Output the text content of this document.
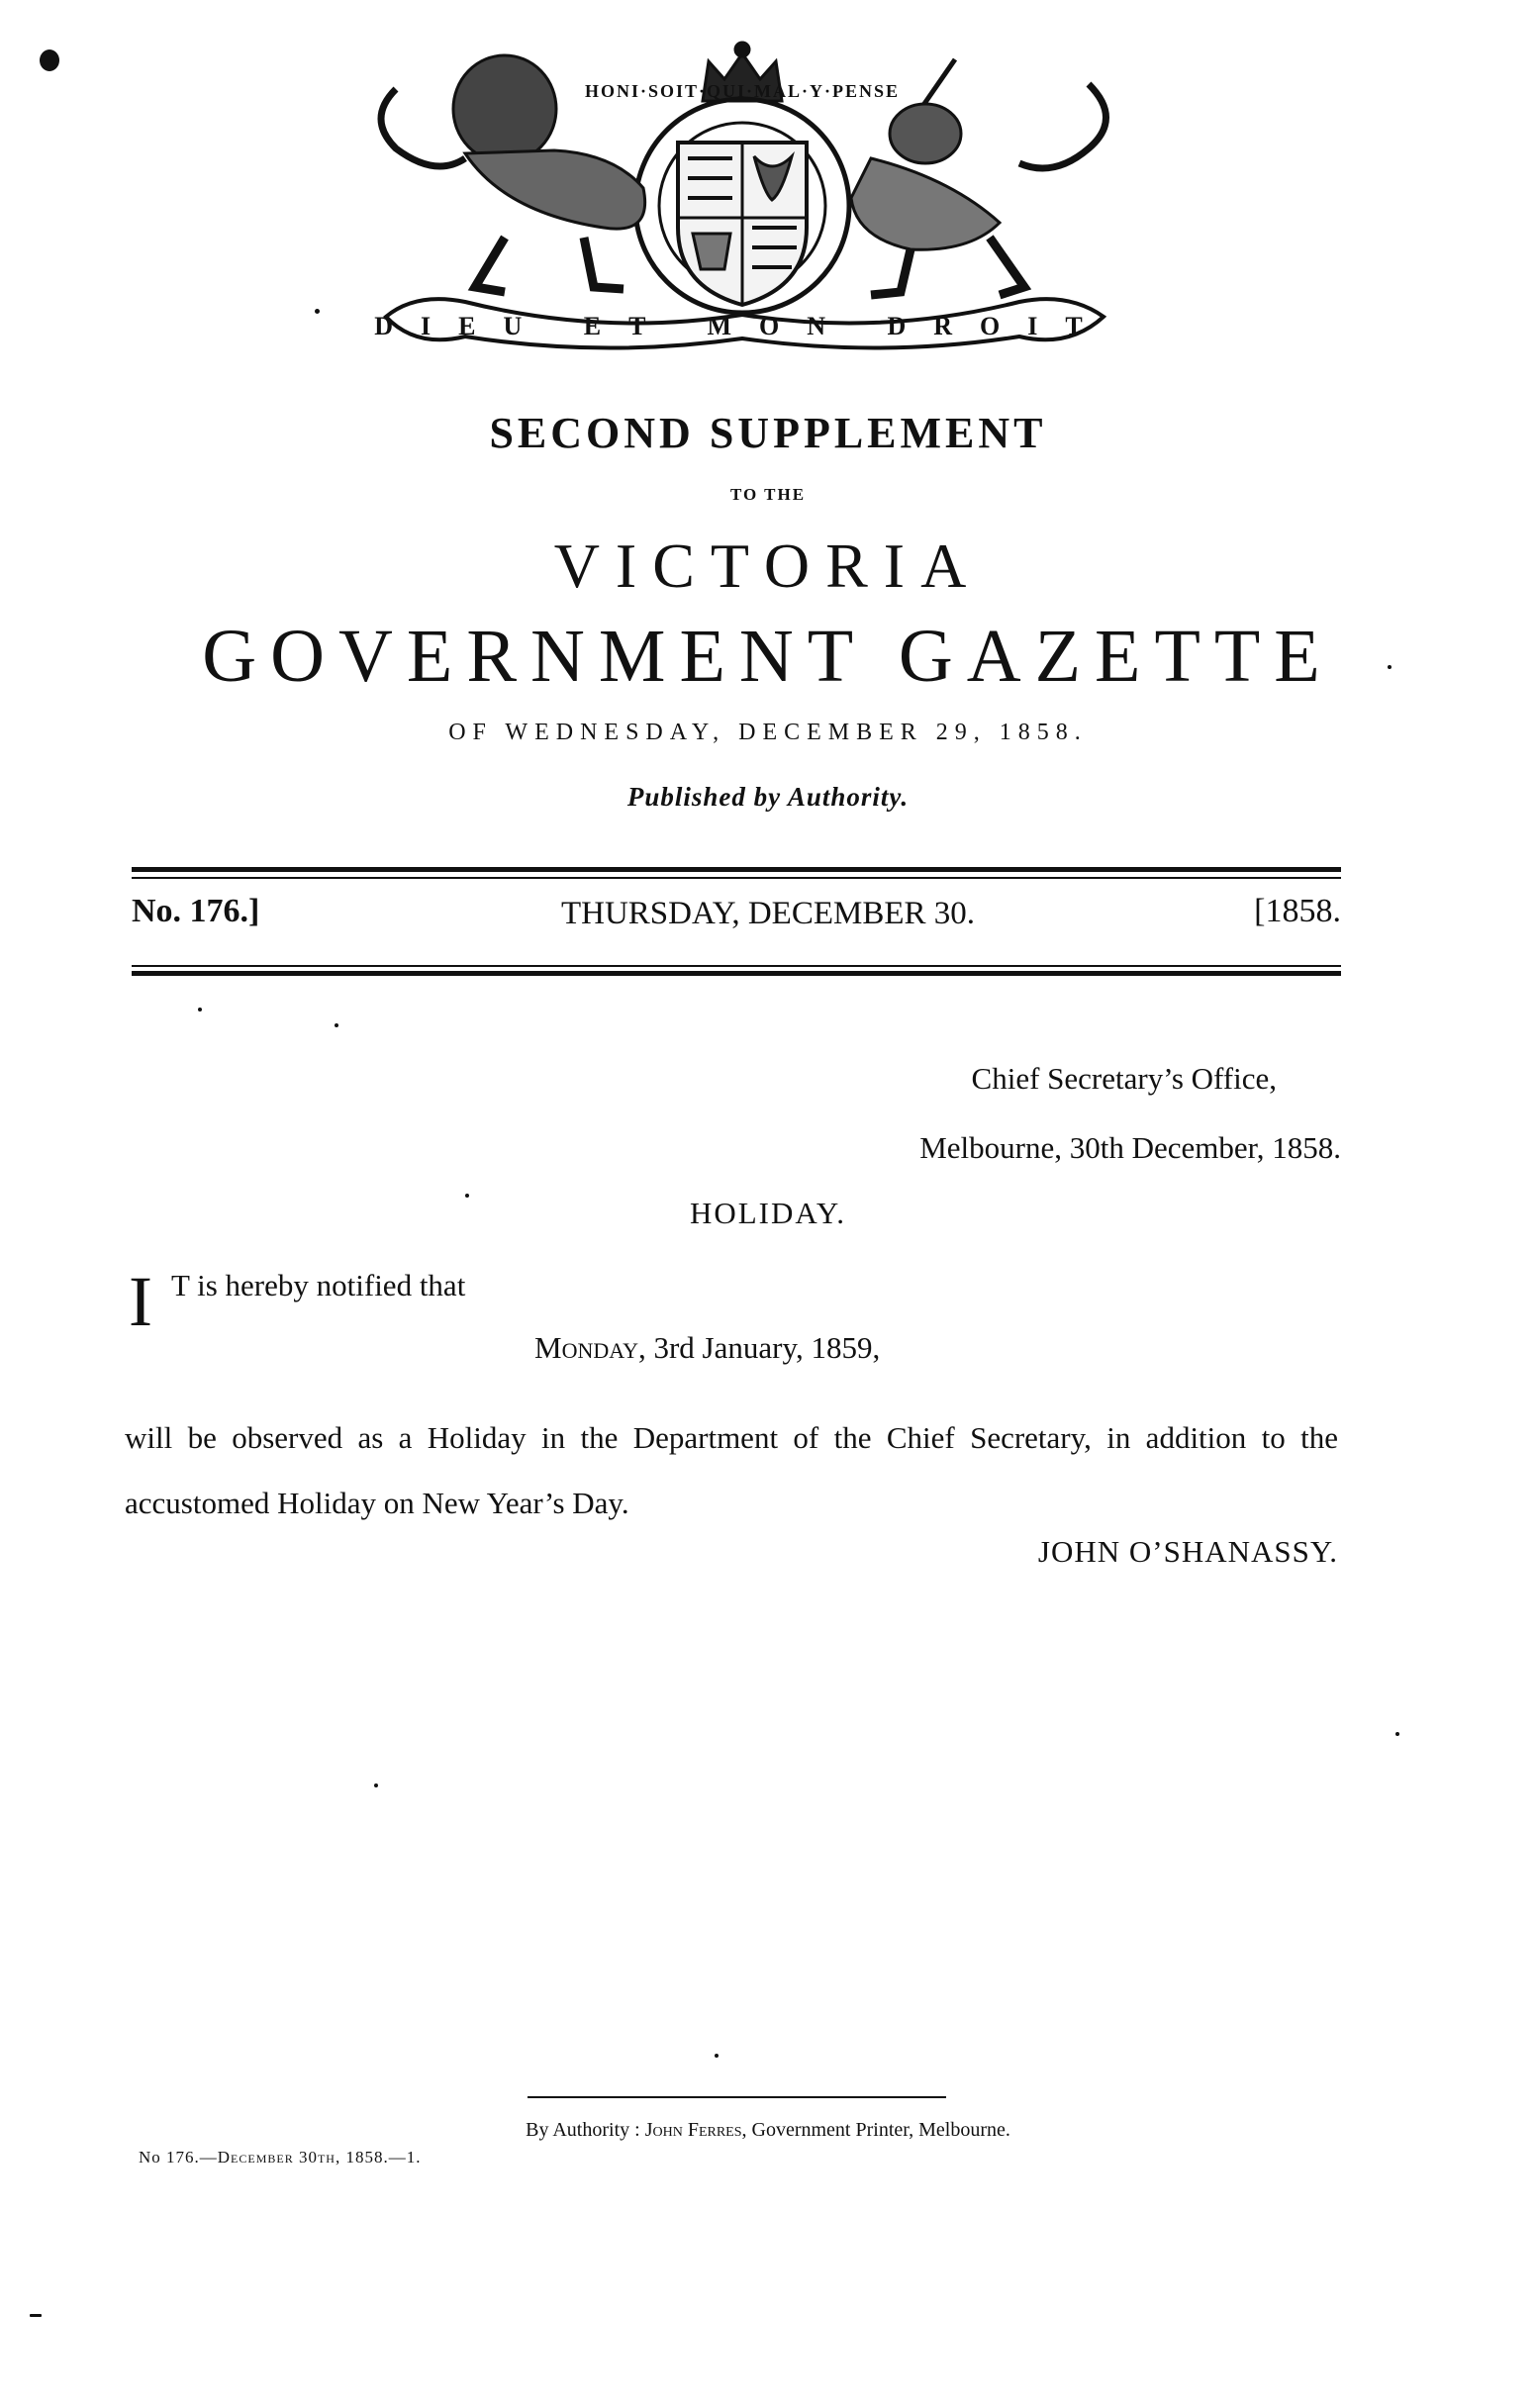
HONI·SOIT·QUI·MAL·Y·PENSE
DIEU ET MON DROIT
SECOND SUPPLEMENT
TO THE
VICTORIA
GOVERNMENT GAZETTE
OF WEDNESDAY, DECEMBER 29, 1858.
Published by Authority.
No. 176.]	THURSDAY, DECEMBER 30.	[1858.
Chief Secretary’s Office,
Melbourne, 30th December, 1858.
HOLIDAY.
I T is hereby notified that
Monday, 3rd January, 1859,
will be observed as a Holiday in the Department of the Chief Secretary, in addition to the accustomed Holiday on New Year’s Day.
JOHN O’SHANASSY.
By Authority : John Ferres, Government Printer, Melbourne.
No 176.—December 30th, 1858.—1.
